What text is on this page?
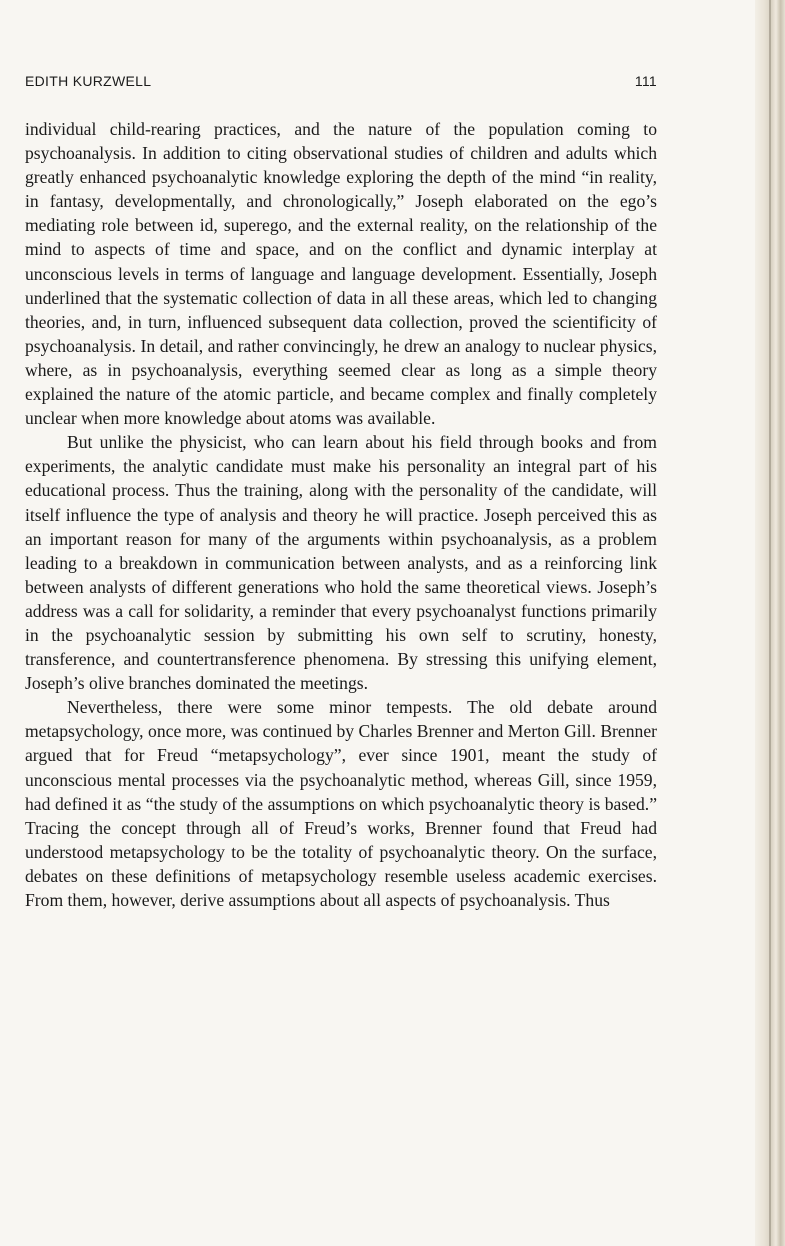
EDITH KURZWELL	111

individual child-rearing practices, and the nature of the population coming to psychoanalysis. In addition to citing observational studies of children and adults which greatly enhanced psychoanalytic knowledge exploring the depth of the mind “in reality, in fantasy, developmentally, and chronologically,” Joseph elaborated on the ego’s mediating role between id, superego, and the external reality, on the relationship of the mind to aspects of time and space, and on the conflict and dynamic interplay at unconscious levels in terms of language and language development. Essentially, Joseph underlined that the systematic collection of data in all these areas, which led to changing theories, and, in turn, influenced subsequent data collection, proved the scientificity of psychoanalysis. In detail, and rather convincingly, he drew an analogy to nuclear physics, where, as in psychoanalysis, everything seemed clear as long as a simple theory explained the nature of the atomic particle, and became complex and finally completely unclear when more knowledge about atoms was available.

But unlike the physicist, who can learn about his field through books and from experiments, the analytic candidate must make his personality an integral part of his educational process. Thus the training, along with the personality of the candidate, will itself influence the type of analysis and theory he will practice. Joseph perceived this as an important reason for many of the arguments within psychoanalysis, as a problem leading to a breakdown in communication between analysts, and as a reinforcing link between analysts of different generations who hold the same theoretical views. Joseph’s address was a call for solidarity, a reminder that every psychoanalyst functions primarily in the psychoanalytic session by submitting his own self to scrutiny, honesty, transference, and countertransference phenomena. By stressing this unifying element, Joseph’s olive branches dominated the meetings.

Nevertheless, there were some minor tempests. The old debate around metapsychology, once more, was continued by Charles Brenner and Merton Gill. Brenner argued that for Freud “metapsychology”, ever since 1901, meant the study of unconscious mental processes via the psychoanalytic method, whereas Gill, since 1959, had defined it as “the study of the assumptions on which psychoanalytic theory is based.” Tracing the concept through all of Freud’s works, Brenner found that Freud had understood metapsychology to be the totality of psychoanalytic theory. On the surface, debates on these definitions of metapsychology resemble useless academic exercises. From them, however, derive assumptions about all aspects of psychoanalysis. Thus
